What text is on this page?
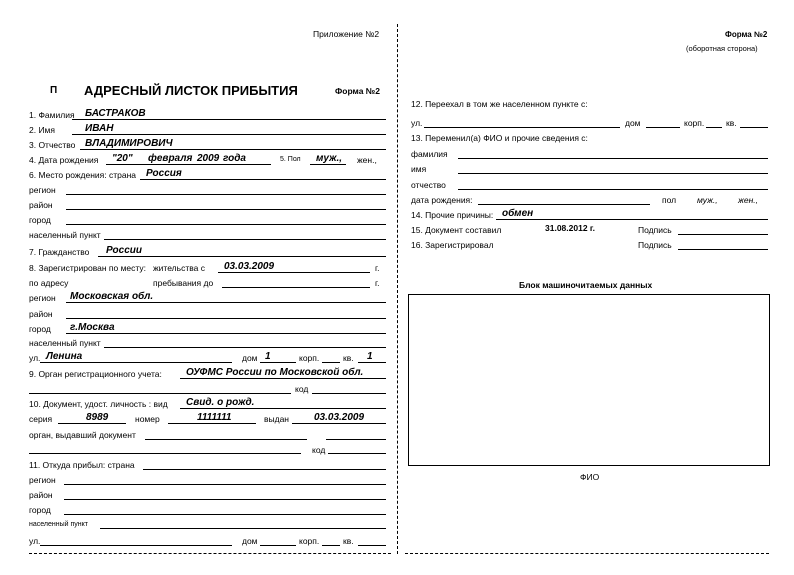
Приложение №2	Форма №2
(оборотная сторона)
П АДРЕСНЫЙ ЛИСТОК ПРИБЫТИЯ	Форма №2
1. Фамилия БАСТРАКОВ
2. Имя	ИВАН
3. Отчество ВЛАДИМИРОВИЧ
4. Дата рождения "20" февраля 2009 года	5. Пол муж., жен.,
6. Место рождения: страна Россия
регион
район
город
населенный пункт
7. Гражданство России
8. Зарегистрирован по месту: жительства с 03.03.2009	г.
по адресу	пребывания до	г.
регион Московская обл.
район
город г.Москва
населенный пункт
ул. Ленина	дом 1	корп.	кв. 1
9. Орган регистрационного учета: ОУФМС России по Московской обл.
код
10. Документ, удост. личность : вид Свид. о рожд.
серия	8989	номер	1111111	выдан 03.03.2009
орган, выдавший документ
код
11. Откуда прибыл: страна
регион
район
город
населенный пункт
ул.	дом	корп.	кв.
12. Переехал в том же населенном пункте с:
ул.	дом	корп.	кв.
13. Переменил(а) ФИО и прочие сведения с:
фамилия
имя
отчество
дата рождения:	пол муж., жен.,
14. Прочие причины: обмен
15. Документ составил	31.08.2012 г.	Подпись
16. Зарегистрировал	Подпись
Блок машиночитаемых данных
ФИО
